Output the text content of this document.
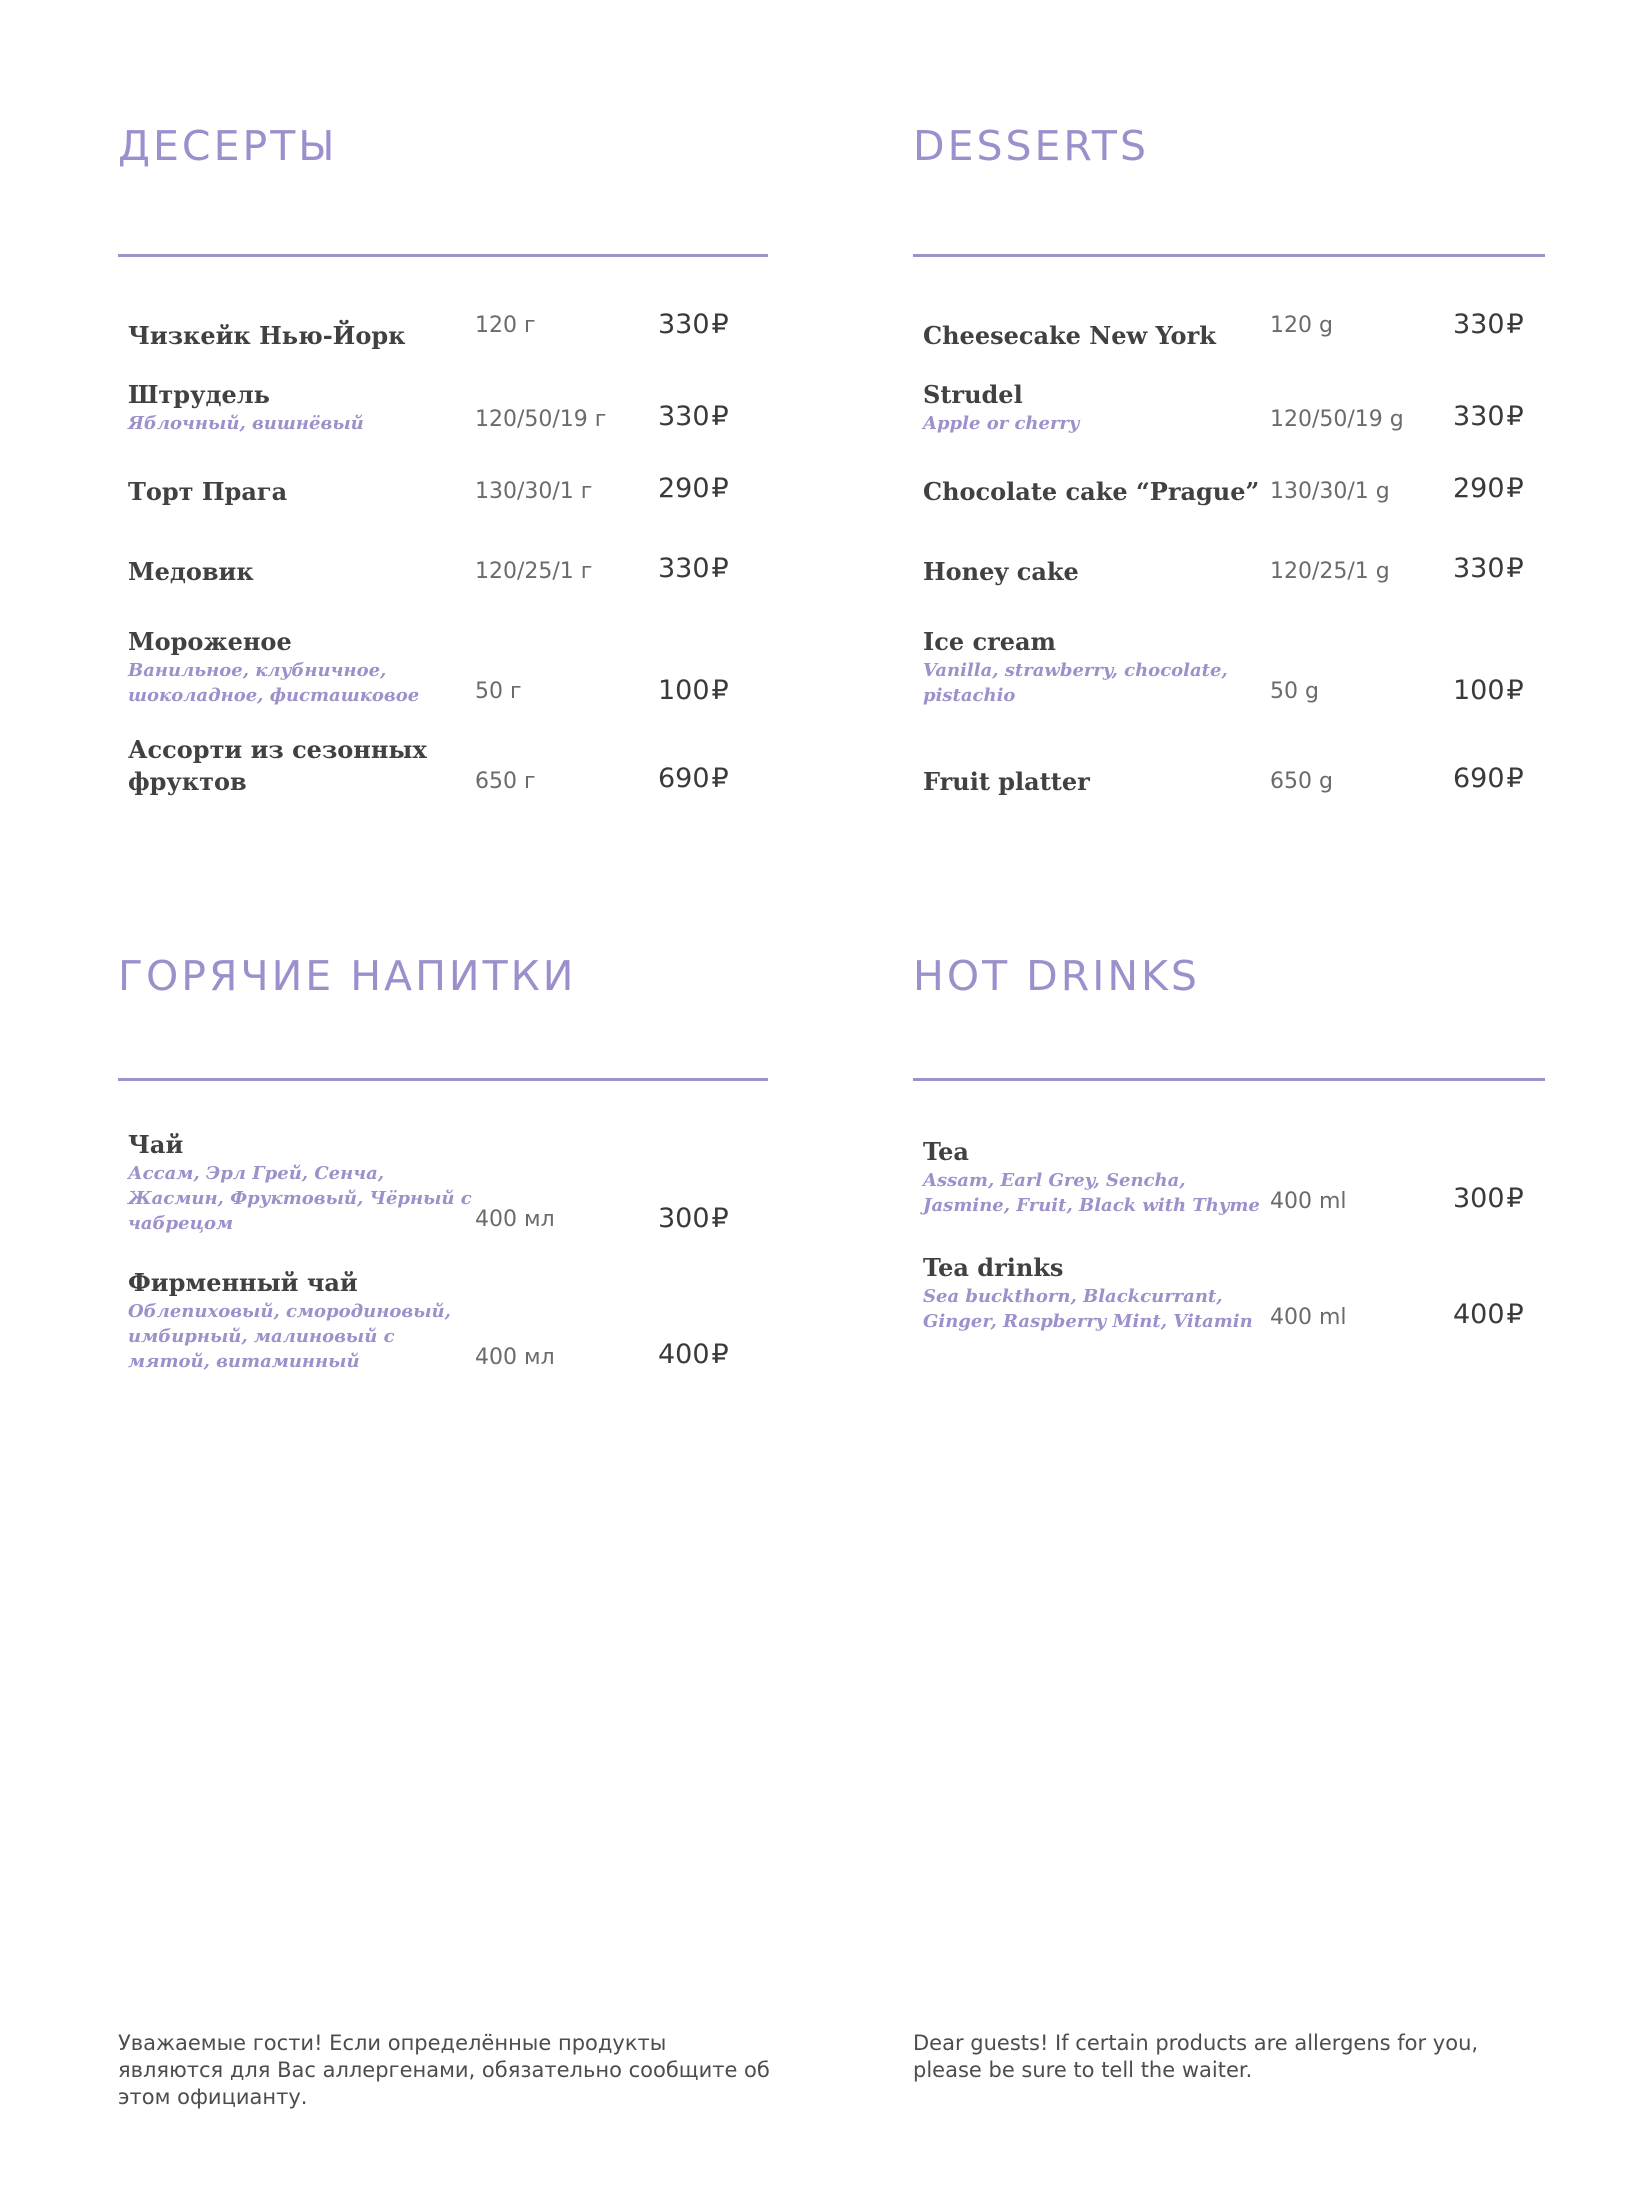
ДЕСЕРТЫ
Чизкейк Нью-Йорк	120 г	330₽
Штрудель
Яблочный, вишнёвый	120/50/19 г	330₽
Торт Прага	130/30/1 г	290₽
Медовик	120/25/1 г	330₽
Мороженое
Ванильное, клубничное, шоколадное, фисташковое	50 г	100₽
Ассорти из сезонных фруктов	650 г	690₽
ГОРЯЧИЕ НАПИТКИ
Чай
Ассам, Эрл Грей, Сенча, Жасмин, Фруктовый, Чёрный с чабрецом	400 мл	300₽
Фирменный чай
Облепиховый, смородиновый, имбирный, малиновый с мятой, витаминный	400 мл	400₽
DESSERTS
Cheesecake New York	120 g	330₽
Strudel
Apple or cherry	120/50/19 g	330₽
Chocolate cake “Prague” 130/30/1 g	290₽
Honey cake	120/25/1 g	330₽
Ice cream
Vanilla, strawberry, chocolate, pistachio	50 g	100₽
Fruit platter	650 g	690₽
HOT DRINKS
Tea
Assam, Earl Grey, Sencha, Jasmine, Fruit, Black with Thyme 400 ml	300₽
Tea drinks
Sea buckthorn, Blackcurrant, Ginger, Raspberry Mint, Vitamin 400 ml	400₽

Уважаемые гости! Если определённые продукты являются для Вас аллергенами, обязательно сообщите об этом официанту.

Dear guests! If certain products are allergens for you, please be sure to tell the waiter.
